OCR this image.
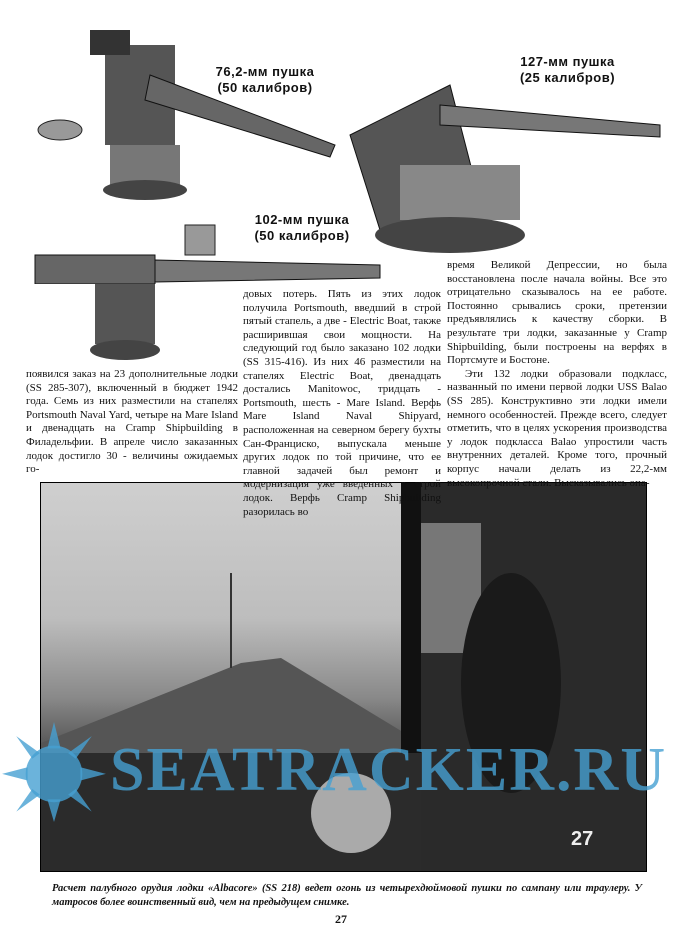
76,2-мм пушка
(50 калибров)
127-мм пушка
(25 калибров)
102-мм пушка
(50 калибров)

появился заказ на 23 дополнительные лодки (SS 285-307), включенный в бюджет 1942 года. Семь из них разместили на стапелях Portsmouth Naval Yard, четыре на Mare Island и двенадцать на Cramp Shipbuilding в Филадельфии. В апреле число заказанных лодок достигло 30 - величины ожидаемых го-

довых потерь. Пять из этих лодок получила Portsmouth, введший в строй пятый стапель, а две - Electric Boat, также расширившая свои мощности. На следующий год было заказано 102 лодки (SS 315-416). Из них 46 разместили на стапелях Electric Boat, двенадцать достались Manitowoc, тридцать - Portsmouth, шесть - Mare Island. Верфь Mare Island Naval Shipyard, расположенная на северном берегу бухты Сан-Франциско, выпускала меньше других лодок по той причине, что ее главной задачей был ремонт и модернизация уже введенных в строй лодок. Верфь Cramp Shipbuilding разорилась во

время Великой Депрессии, но была восстановлена после начала войны. Все это отрицательно сказывалось на ее работе. Постоянно срывались сроки, претензии предъявлялись к качеству сборки. В результате три лодки, заказанные у Cramp Shipbuilding, были построены на верфях в Портсмуте и Бостоне.

Эти 132 лодки образовали подкласс, названный по имени первой лодки USS Balao (SS 285). Конструктивно эти лодки имели немного особенностей. Прежде всего, следует отметить, что в целях ускорения производства у лодок подкласса Balao упростили часть внутренних деталей. Кроме того, прочный корпус начали делать из 22,2-мм высокопрочной стали. Высказывались опа-

27
SEATRACKER.RU
Расчет палубного орудия лодки «Albacore» (SS 218) ведет огонь из четырехдюймовой пушки по сампану или траулеру. У матросов более воинственный вид, чем на предыдущем снимке.
27
